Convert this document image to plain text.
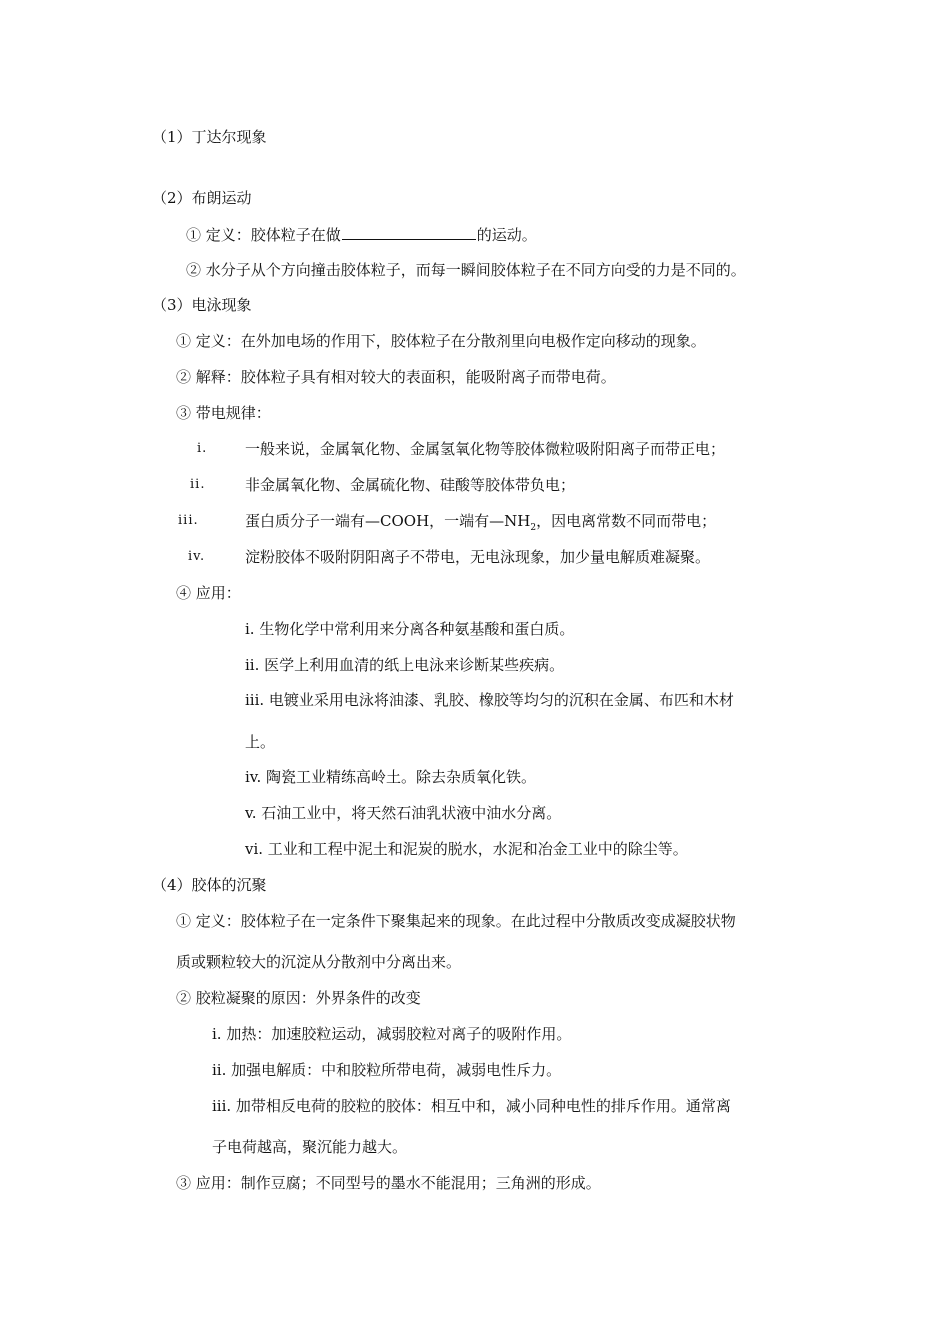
（1）丁达尔现象
（2）布朗运动
① 定义：胶体粒子在做	的运动。
② 水分子从个方向撞击胶体粒子，而每一瞬间胶体粒子在不同方向受的力是不同的。
（3）电泳现象
① 定义：在外加电场的作用下，胶体粒子在分散剂里向电极作定向移动的现象。
② 解释：胶体粒子具有相对较大的表面积，能吸附离子而带电荷。
③ 带电规律：
i.	一般来说，金属氧化物、金属氢氧化物等胶体微粒吸附阳离子而带正电；
ii.	非金属氧化物、金属硫化物、硅酸等胶体带负电；
iii.	蛋白质分子一端有—COOH，一端有$—NH_2$，因电离常数不同而带电；
iv.	淀粉胶体不吸附阴阳离子不带电，无电泳现象，加少量电解质难凝聚。
④ 应用：
i. 生物化学中常利用来分离各种氨基酸和蛋白质。
ii. 医学上利用血清的纸上电泳来诊断某些疾病。
iii. 电镀业采用电泳将油漆、乳胶、橡胶等均匀的沉积在金属、布匹和木材
上。
iv. 陶瓷工业精练高岭土。除去杂质氧化铁。
v. 石油工业中，将天然石油乳状液中油水分离。
vi. 工业和工程中泥土和泥炭的脱水，水泥和冶金工业中的除尘等。
（4）胶体的沉聚
① 定义：胶体粒子在一定条件下聚集起来的现象。在此过程中分散质改变成凝胶状物
质或颗粒较大的沉淀从分散剂中分离出来。
② 胶粒凝聚的原因：外界条件的改变
i. 加热：加速胶粒运动，减弱胶粒对离子的吸附作用。
ii. 加强电解质：中和胶粒所带电荷，减弱电性斥力。
iii. 加带相反电荷的胶粒的胶体：相互中和，减小同种电性的排斥作用。通常离
子电荷越高，聚沉能力越大。
③ 应用：制作豆腐；不同型号的墨水不能混用；三角洲的形成。
